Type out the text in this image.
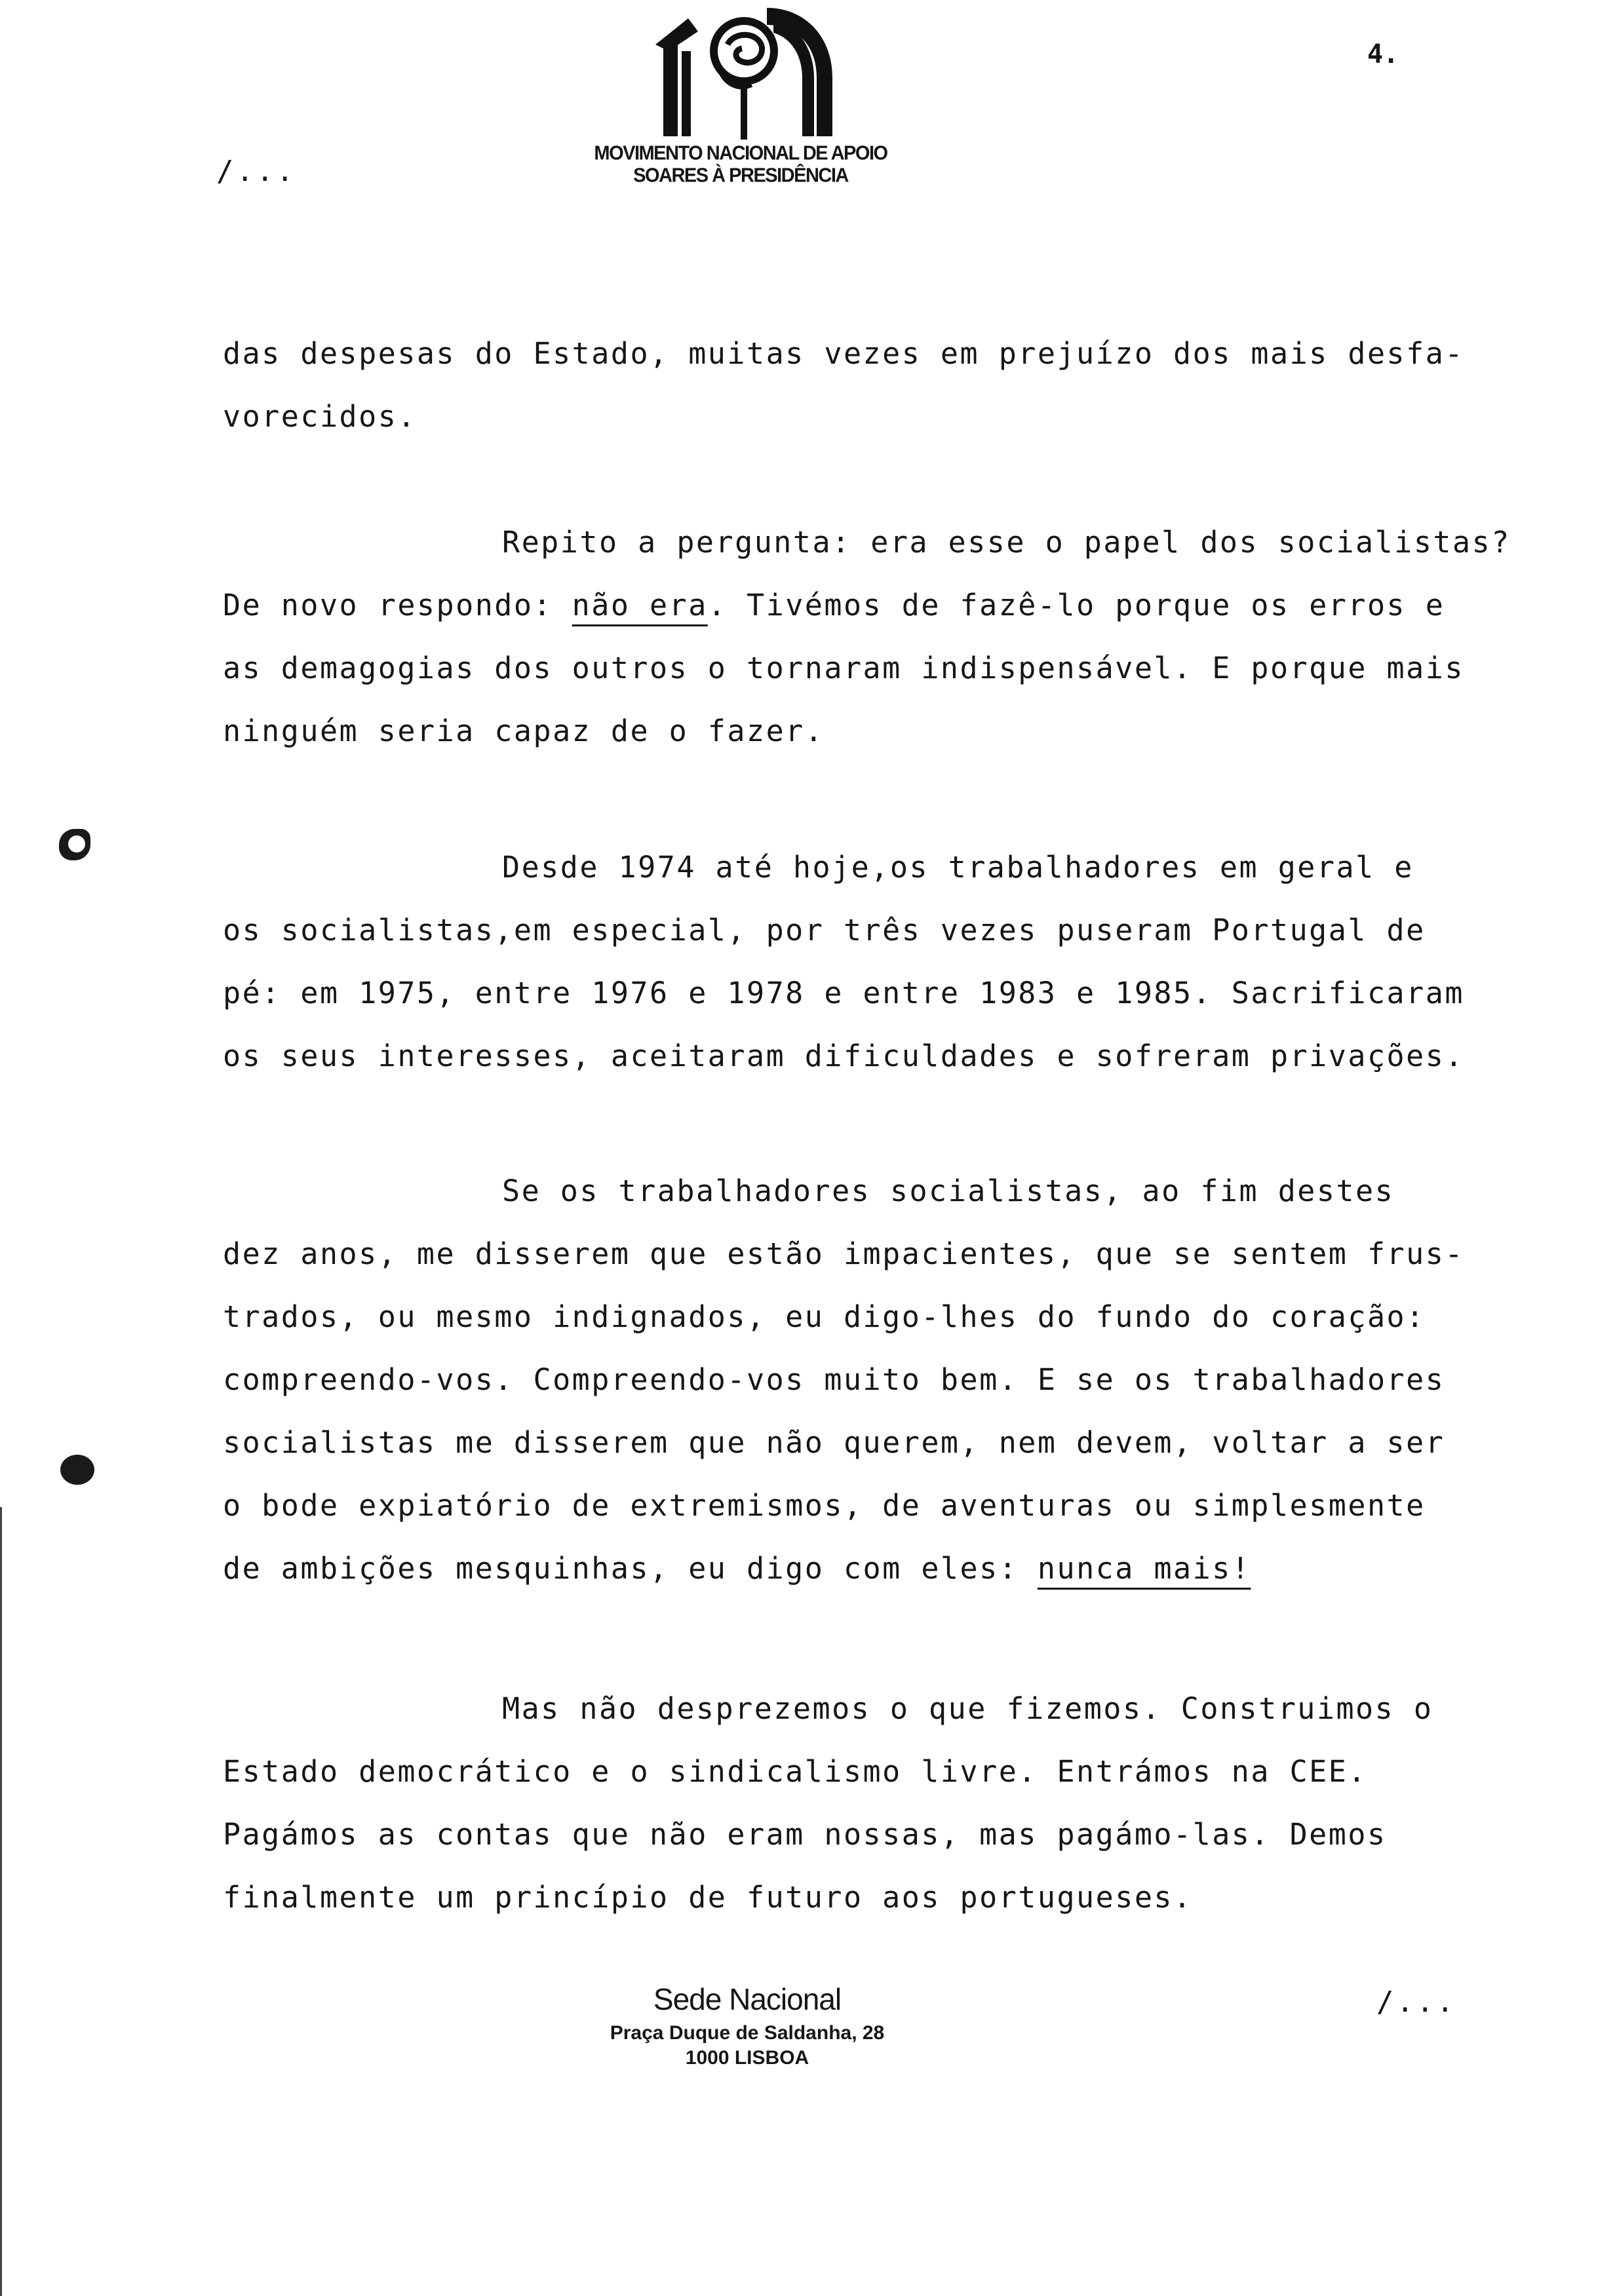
4.
/...
MOVIMENTO NACIONAL DE APOIO
SOARES À PRESIDÊNCIA
das despesas do Estado, muitas vezes em prejuízo dos mais desfa-
vorecidos.
Repito a pergunta: era esse o papel dos socialistas?
De novo respondo: não era. Tivémos de fazê-lo porque os erros e
as demagogias dos outros o tornaram indispensável. E porque mais
ninguém seria capaz de o fazer.
Desde 1974 até hoje,os trabalhadores em geral e
os socialistas,em especial, por três vezes puseram Portugal de
pé: em 1975, entre 1976 e 1978 e entre 1983 e 1985. Sacrificaram
os seus interesses, aceitaram dificuldades e sofreram privações.
Se os trabalhadores socialistas, ao fim destes
dez anos, me disserem que estão impacientes, que se sentem frus-
trados, ou mesmo indignados, eu digo-lhes do fundo do coração:
compreendo-vos. Compreendo-vos muito bem. E se os trabalhadores
socialistas me disserem que não querem, nem devem, voltar a ser
o bode expiatório de extremismos, de aventuras ou simplesmente
de ambições mesquinhas, eu digo com eles: nunca mais!
Mas não desprezemos o que fizemos. Construimos o
Estado democrático e o sindicalismo livre. Entrámos na CEE.
Pagámos as contas que não eram nossas, mas pagámo-las. Demos
finalmente um princípio de futuro aos portugueses.
Sede Nacional
Praça Duque de Saldanha, 28
1000 LISBOA
/...
